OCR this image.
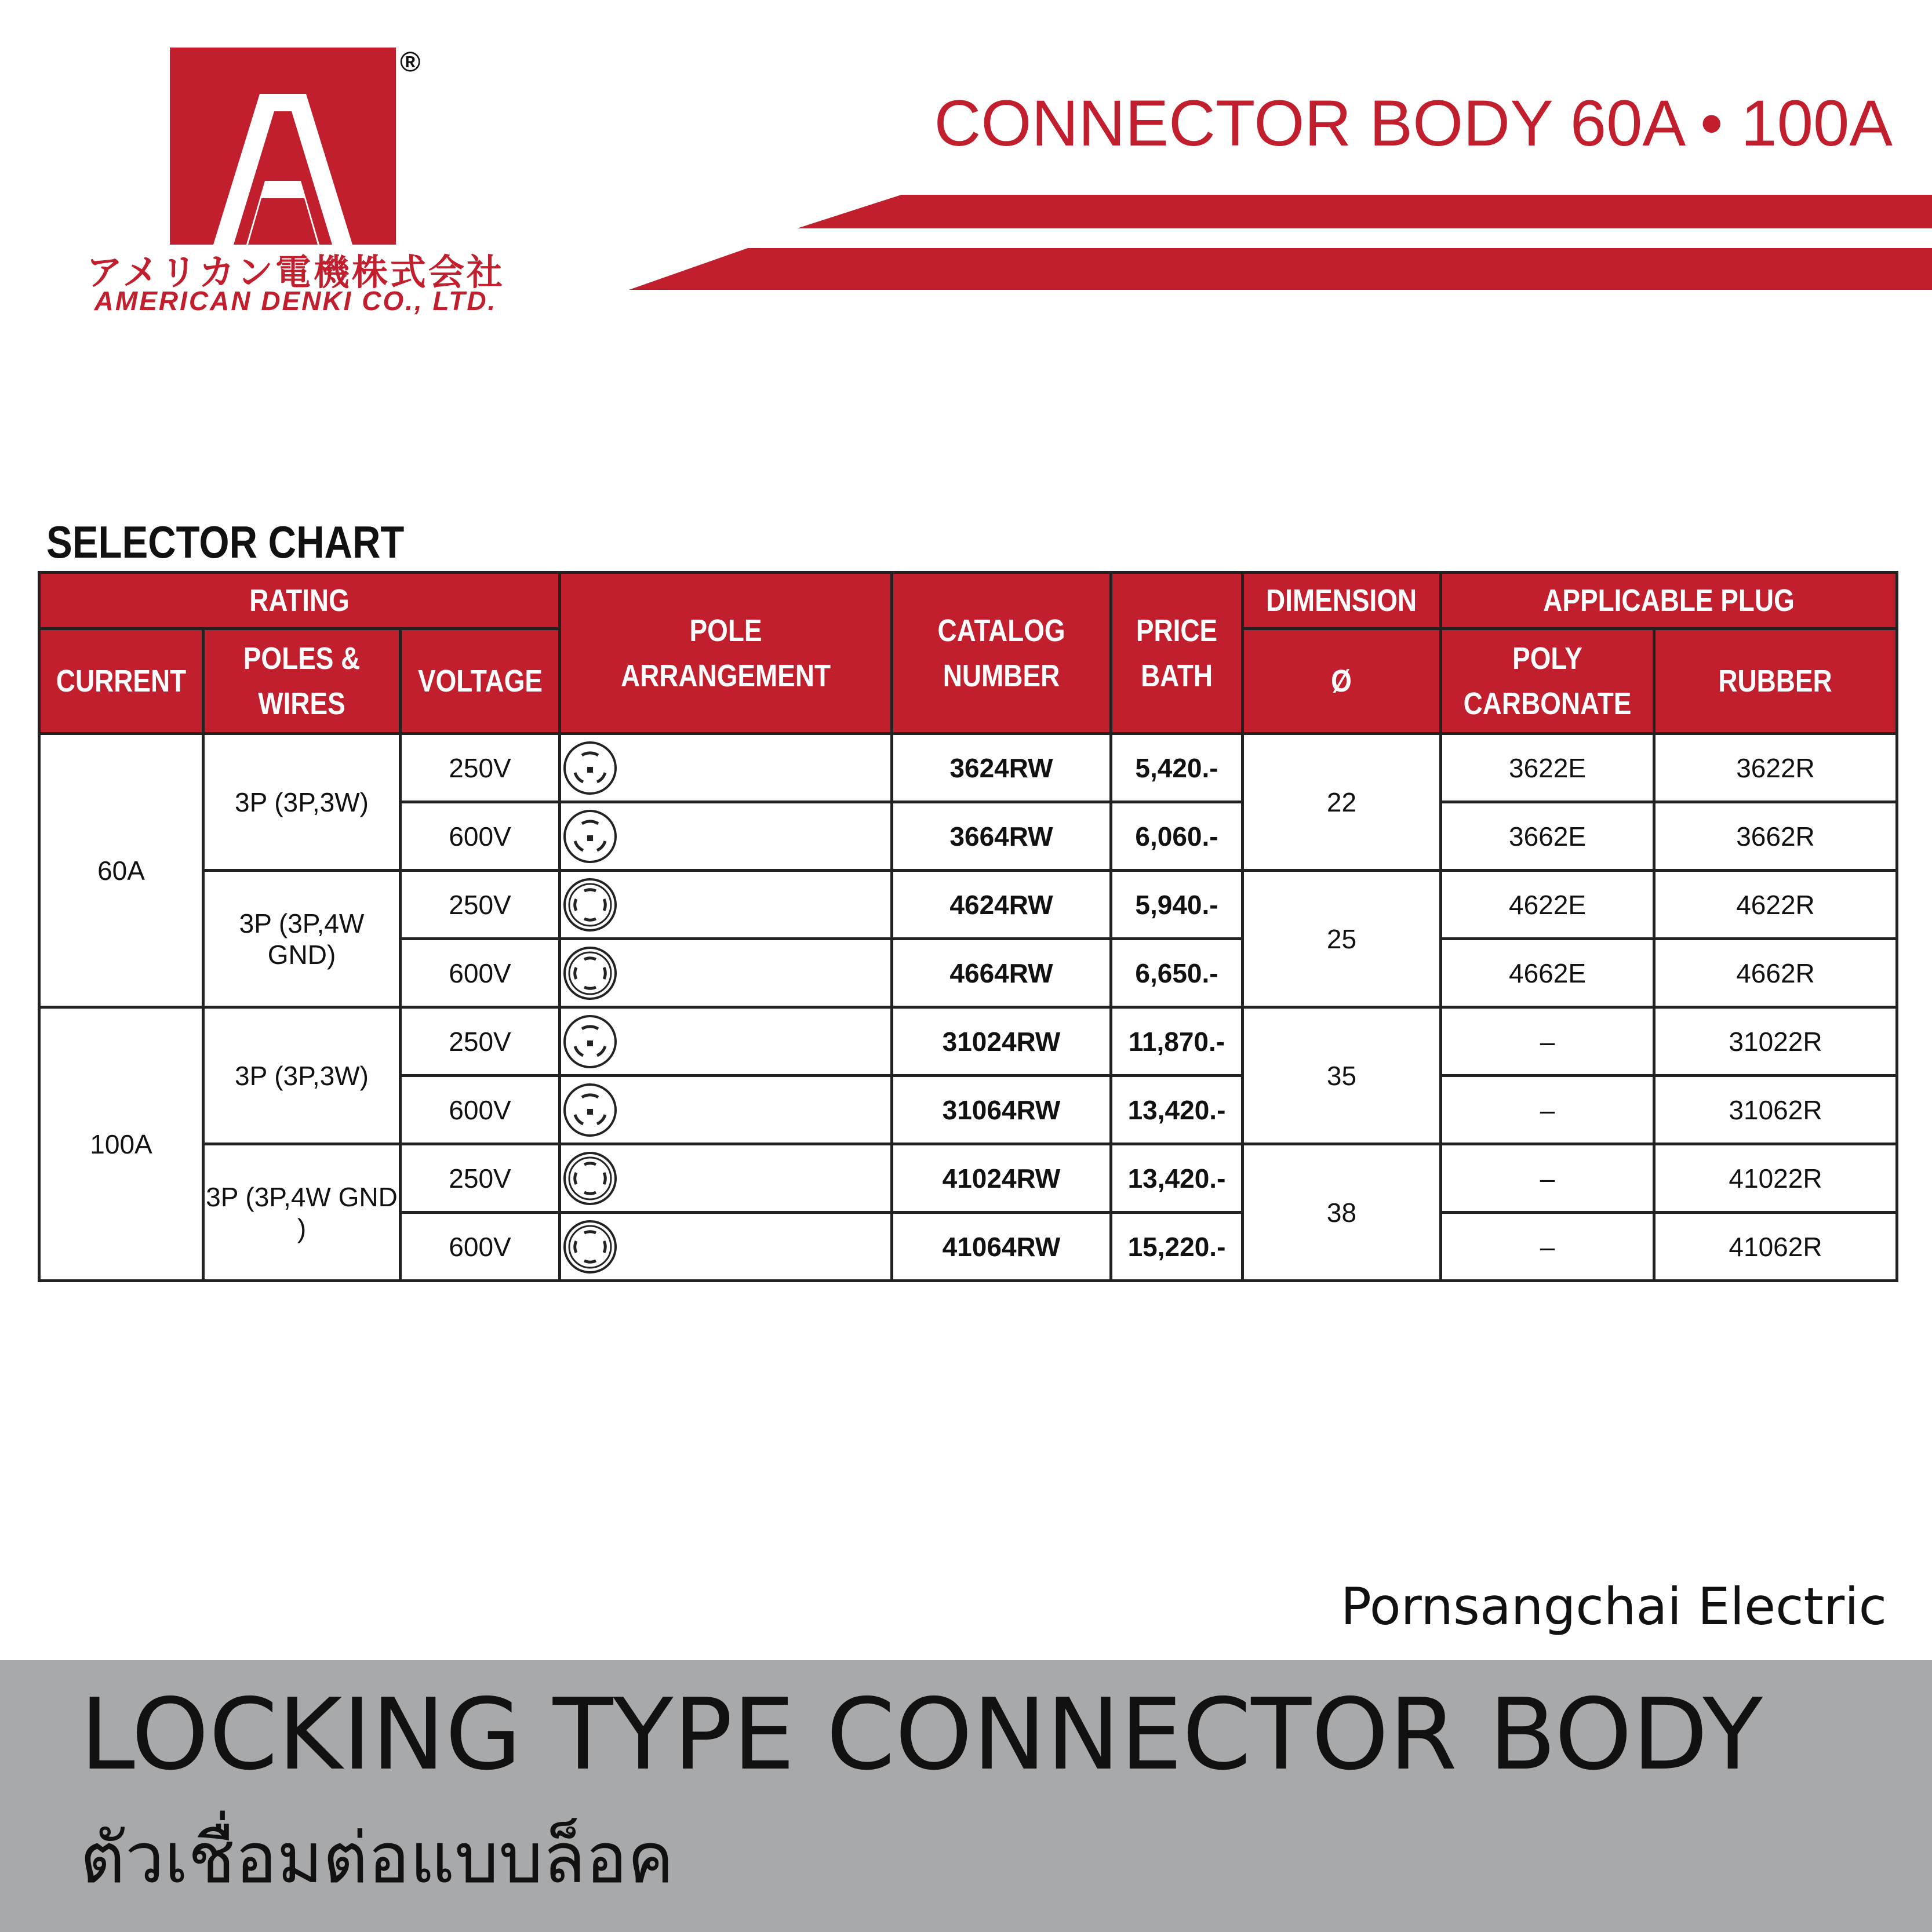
®
アメリカン電機株式会社
AMERICAN DENKI CO., LTD.
CONNECTOR BODY 60A • 100A
SELECTOR CHART
RATING			POLE ARRANGEMENT	CATALOG NUMBER	PRICE BATH	DIMENSION	APPLICABLE PLUG	
CURRENT	POLES & WIRES	VOLTAGE				Ø	POLY CARBONATE	RUBBER
60A	3P (3P,3W)	250V		3624RW	5,420.-	22	3622E	3622R
		600V		3664RW	6,060.-		3662E	3662R
	3P (3P,4W GND)	250V		4624RW	5,940.-	25	4622E	4622R
		600V		4664RW	6,650.-		4662E	4662R
100A	3P (3P,3W)	250V		31024RW	11,870.-	35	–	31022R
		600V		31064RW	13,420.-		–	31062R
	3P (3P,4W GND )	250V		41024RW	13,420.-	38	–	41022R
		600V		41064RW	15,220.-		–	41062R
Pornsangchai Electric
LOCKING TYPE CONNECTOR BODY
ตัวเชื่อมต่อแบบล็อค
